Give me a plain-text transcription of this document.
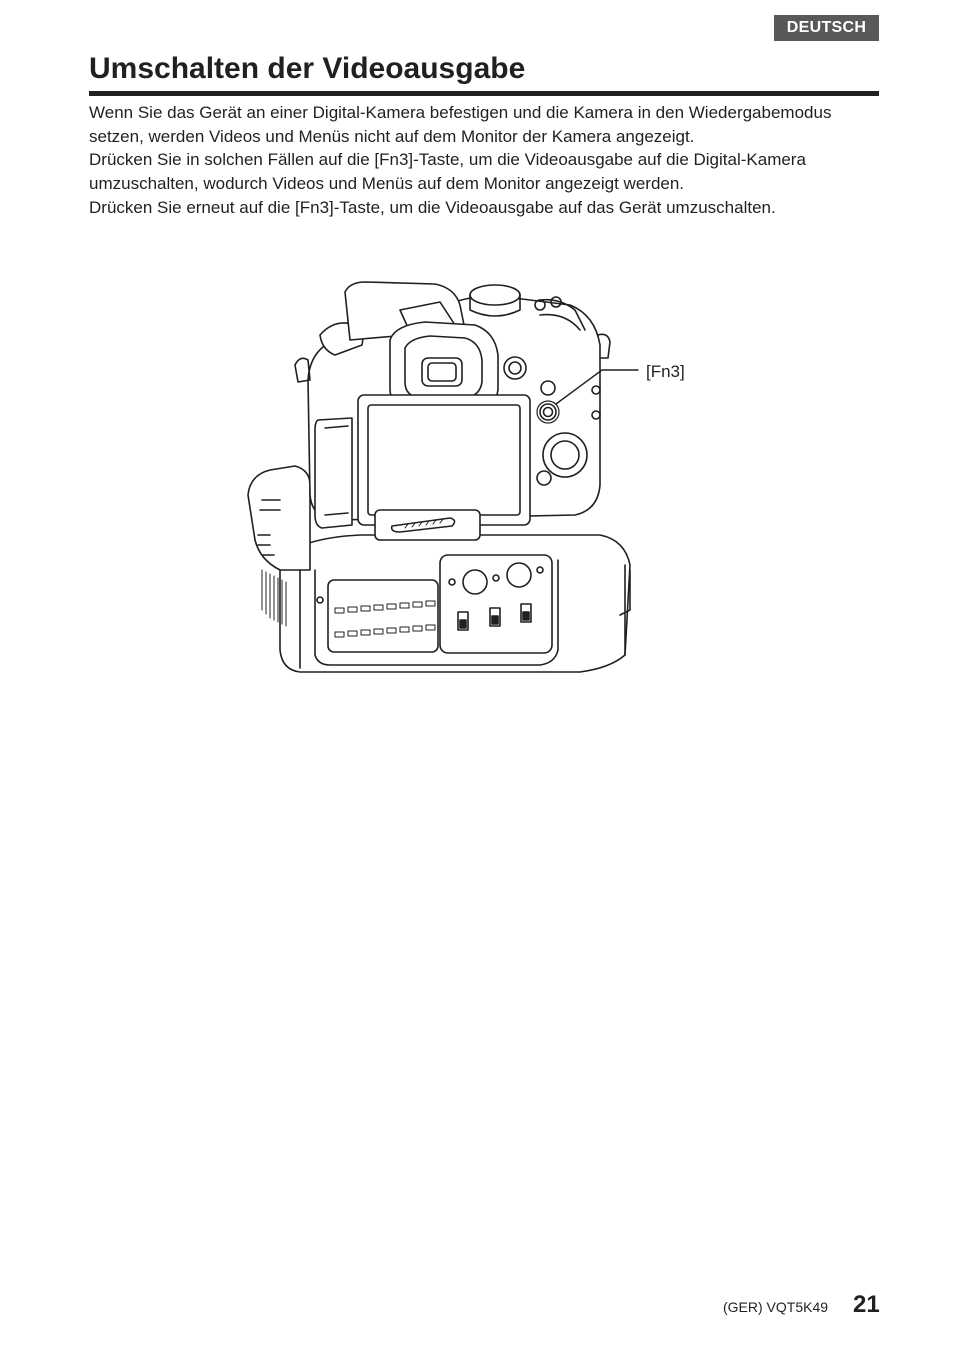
DEUTSCH
Umschalten der Videoausgabe

Wenn Sie das Gerät an einer Digital-Kamera befestigen und die Kamera in den Wiedergabemodus setzen, werden Videos und Menüs nicht auf dem Monitor der Kamera angezeigt.

Drücken Sie in solchen Fällen auf die [Fn3]-Taste, um die Videoausgabe auf die Digital-Kamera umzuschalten, wodurch Videos und Menüs auf dem Monitor angezeigt werden.

Drücken Sie erneut auf die [Fn3]-Taste, um die Videoausgabe auf das Gerät umzuschalten.

[Fn3]
(GER) VQT5K49 21
